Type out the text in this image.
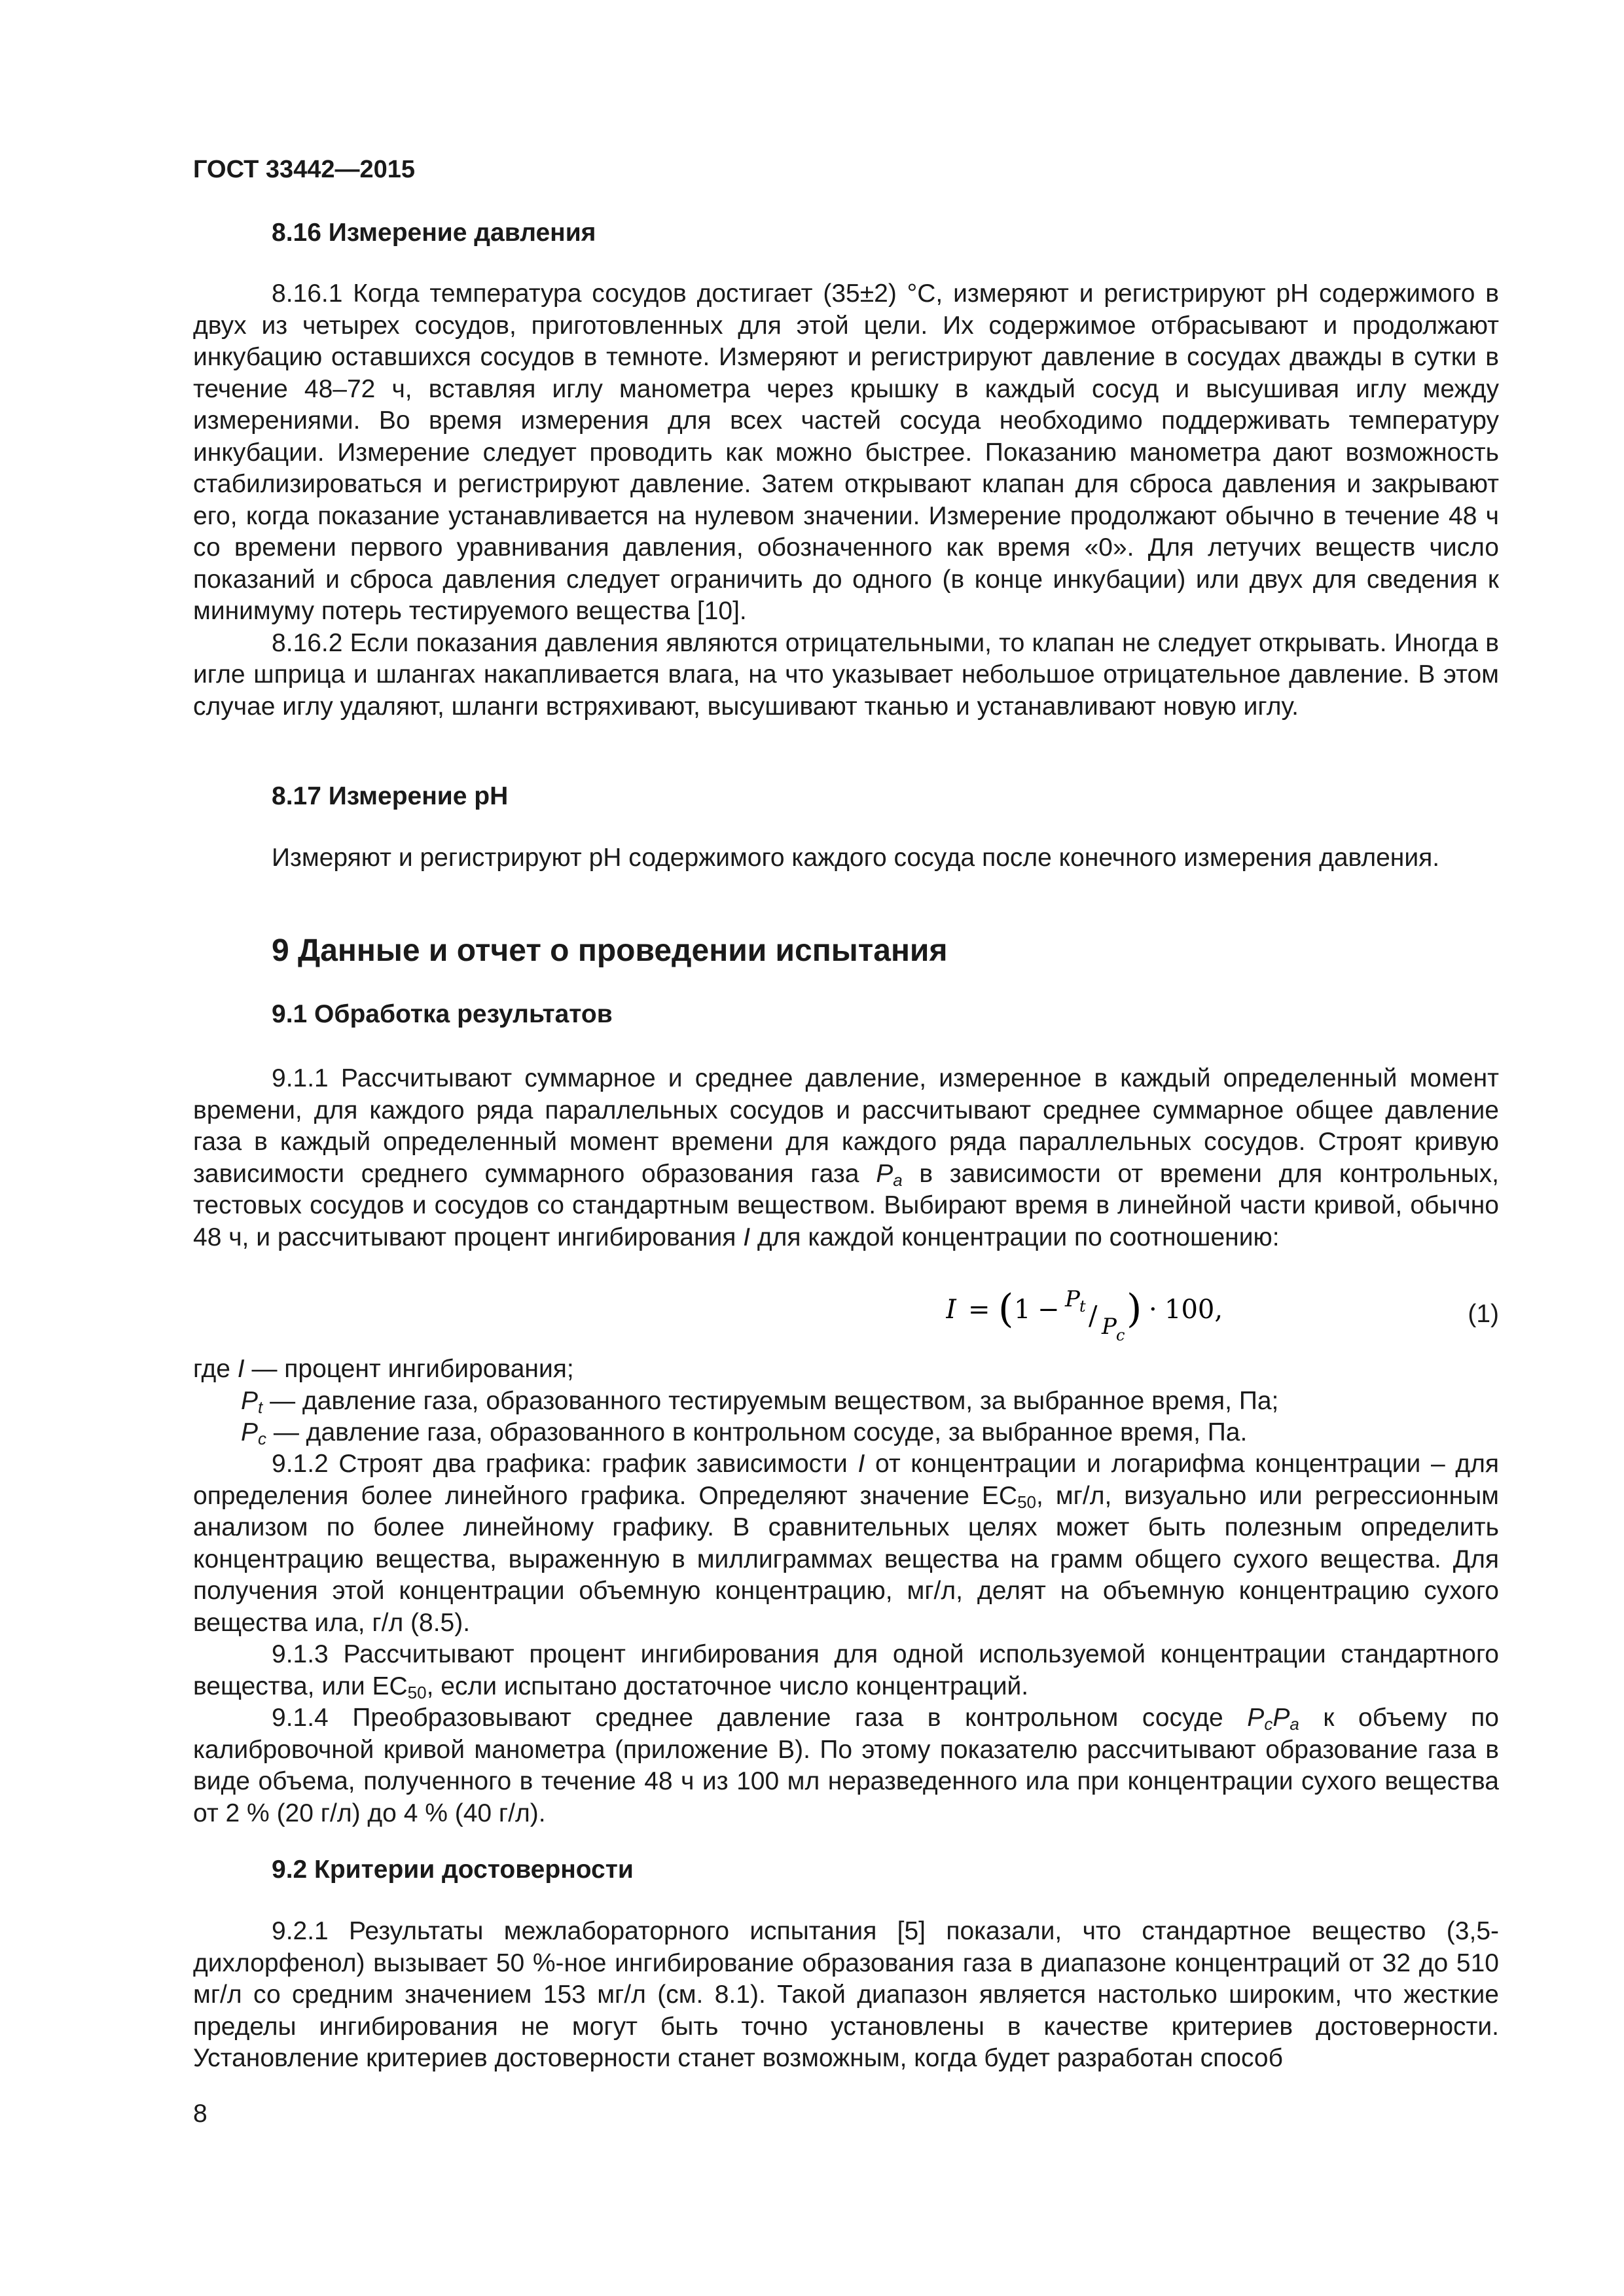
ГОСТ 33442—2015
8.16 Измерение давления

8.16.1 Когда температура сосудов достигает (35±2) °С, измеряют и регистрируют pH содержимого в двух из четырех сосудов, приготовленных для этой цели. Их содержимое отбрасывают и продолжают инкубацию оставшихся сосудов в темноте. Измеряют и регистрируют давление в сосудах дважды в сутки в течение 48–72 ч, вставляя иглу манометра через крышку в каждый сосуд и высушивая иглу между измерениями. Во время измерения для всех частей сосуда необходимо поддерживать температуру инкубации. Измерение следует проводить как можно быстрее. Показанию манометра дают возможность стабилизироваться и регистрируют давление. Затем открывают клапан для сброса давления и закрывают его, когда показание устанавливается на нулевом значении. Измерение продолжают обычно в течение 48 ч со времени первого уравнивания давления, обозначенного как время «0». Для летучих веществ число показаний и сброса давления следует ограничить до одного (в конце инкубации) или двух для сведения к минимуму потерь тестируемого вещества [10].

8.16.2 Если показания давления являются отрицательными, то клапан не следует открывать. Иногда в игле шприца и шлангах накапливается влага, на что указывает небольшое отрицательное давление. В этом случае иглу удаляют, шланги встряхивают, высушивают тканью и устанавливают новую иглу.

8.17 Измерение pH

Измеряют и регистрируют pH содержимого каждого сосуда после конечного измерения давления.

9 Данные и отчет о проведении испытания
9.1 Обработка результатов

9.1.1 Рассчитывают суммарное и среднее давление, измеренное в каждый определенный момент времени, для каждого ряда параллельных сосудов и рассчитывают среднее суммарное общее давление газа в каждый определенный момент времени для каждого ряда параллельных сосудов. Строят кривую зависимости среднего суммарного образования газа $P_a$ в зависимости от времени для контрольных, тестовых сосудов и сосудов со стандартным веществом. Выбирают время в линейной части кривой, обычно 48 ч, и рассчитывают процент ингибирования I для каждой концентрации по соотношению:

I = ( 1 − P t / P c
) · 100,	(1)
где I — процент ингибирования;
$P_t$ — давление газа, образованного тестируемым веществом, за выбранное время, Па;
$P_c$ — давление газа, образованного в контрольном сосуде, за выбранное время, Па.

9.1.2 Строят два графика: график зависимости I от концентрации и логарифма концентрации – для определения более линейного графика. Определяют значение $EC_{50}$, мг/л, визуально или регрессионным анализом по более линейному графику. В сравнительных целях может быть полезным определить концентрацию вещества, выраженную в миллиграммах вещества на грамм общего сухого вещества. Для получения этой концентрации объемную концентрацию, мг/л, делят на объемную концентрацию сухого вещества ила, г/л (8.5).

9.1.3 Рассчитывают процент ингибирования для одной используемой концентрации стандартного вещества, или $EC_{50}$, если испытано достаточное число концентраций.

9.1.4 Преобразовывают среднее давление газа в контрольном сосуде $P_cP_a$ к объему по калибровочной кривой манометра (приложение В). По этому показателю рассчитывают образование газа в виде объема, полученного в течение 48 ч из 100 мл неразведенного ила при концентрации сухого вещества от 2 % (20 г/л) до 4 % (40 г/л).

9.2 Критерии достоверности

9.2.1 Результаты межлабораторного испытания [5] показали, что стандартное вещество (3,5-дихлорфенол) вызывает 50 %-ное ингибирование образования газа в диапазоне концентраций от 32 до 510 мг/л со средним значением 153 мг/л (см. 8.1). Такой диапазон является настолько широким, что жесткие пределы ингибирования не могут быть точно установлены в качестве критериев достоверности. Установление критериев достоверности станет возможным, когда будет разработан способ

8
